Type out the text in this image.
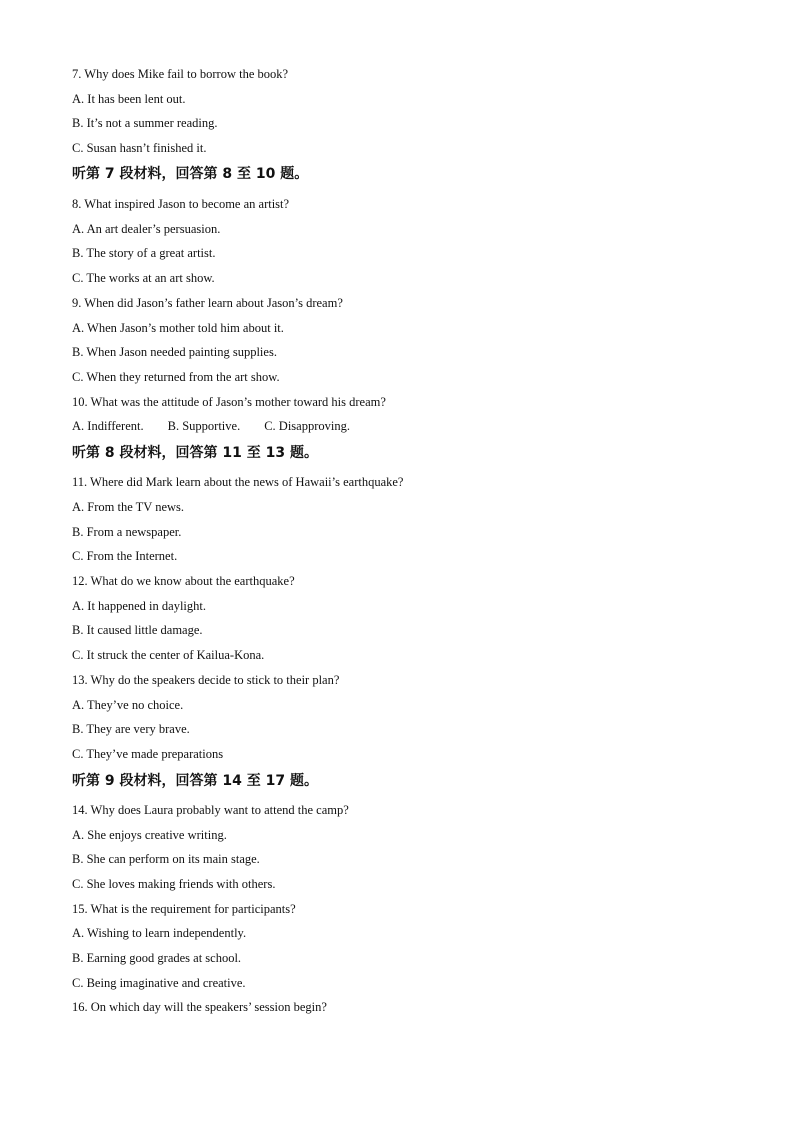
7. Why does Mike fail to borrow the book?

A. It has been lent out.

B. It’s not a summer reading.

C. Susan hasn’t finished it.

听第 7 段材料，回答第 8 至 10 题。

8. What inspired Jason to become an artist?

A. An art dealer’s persuasion.

B. The story of a great artist.

C. The works at an art show.

9. When did Jason’s father learn about Jason’s dream?

A. When Jason’s mother told him about it.

B. When Jason needed painting supplies.

C. When they returned from the art show.

10. What was the attitude of Jason’s mother toward his dream?

A. Indifferent. B. Supportive. C. Disapproving.

听第 8 段材料，回答第 11 至 13 题。

11. Where did Mark learn about the news of Hawaii’s earthquake?

A. From the TV news.

B. From a newspaper.

C. From the Internet.

12. What do we know about the earthquake?

A. It happened in daylight.

B. It caused little damage.

C. It struck the center of Kailua-Kona.

13. Why do the speakers decide to stick to their plan?

A. They’ve no choice.

B. They are very brave.

C. They’ve made preparations

听第 9 段材料，回答第 14 至 17 题。

14. Why does Laura probably want to attend the camp?

A. She enjoys creative writing.

B. She can perform on its main stage.

C. She loves making friends with others.

15. What is the requirement for participants?

A. Wishing to learn independently.

B. Earning good grades at school.

C. Being imaginative and creative.

16. On which day will the speakers’ session begin?
